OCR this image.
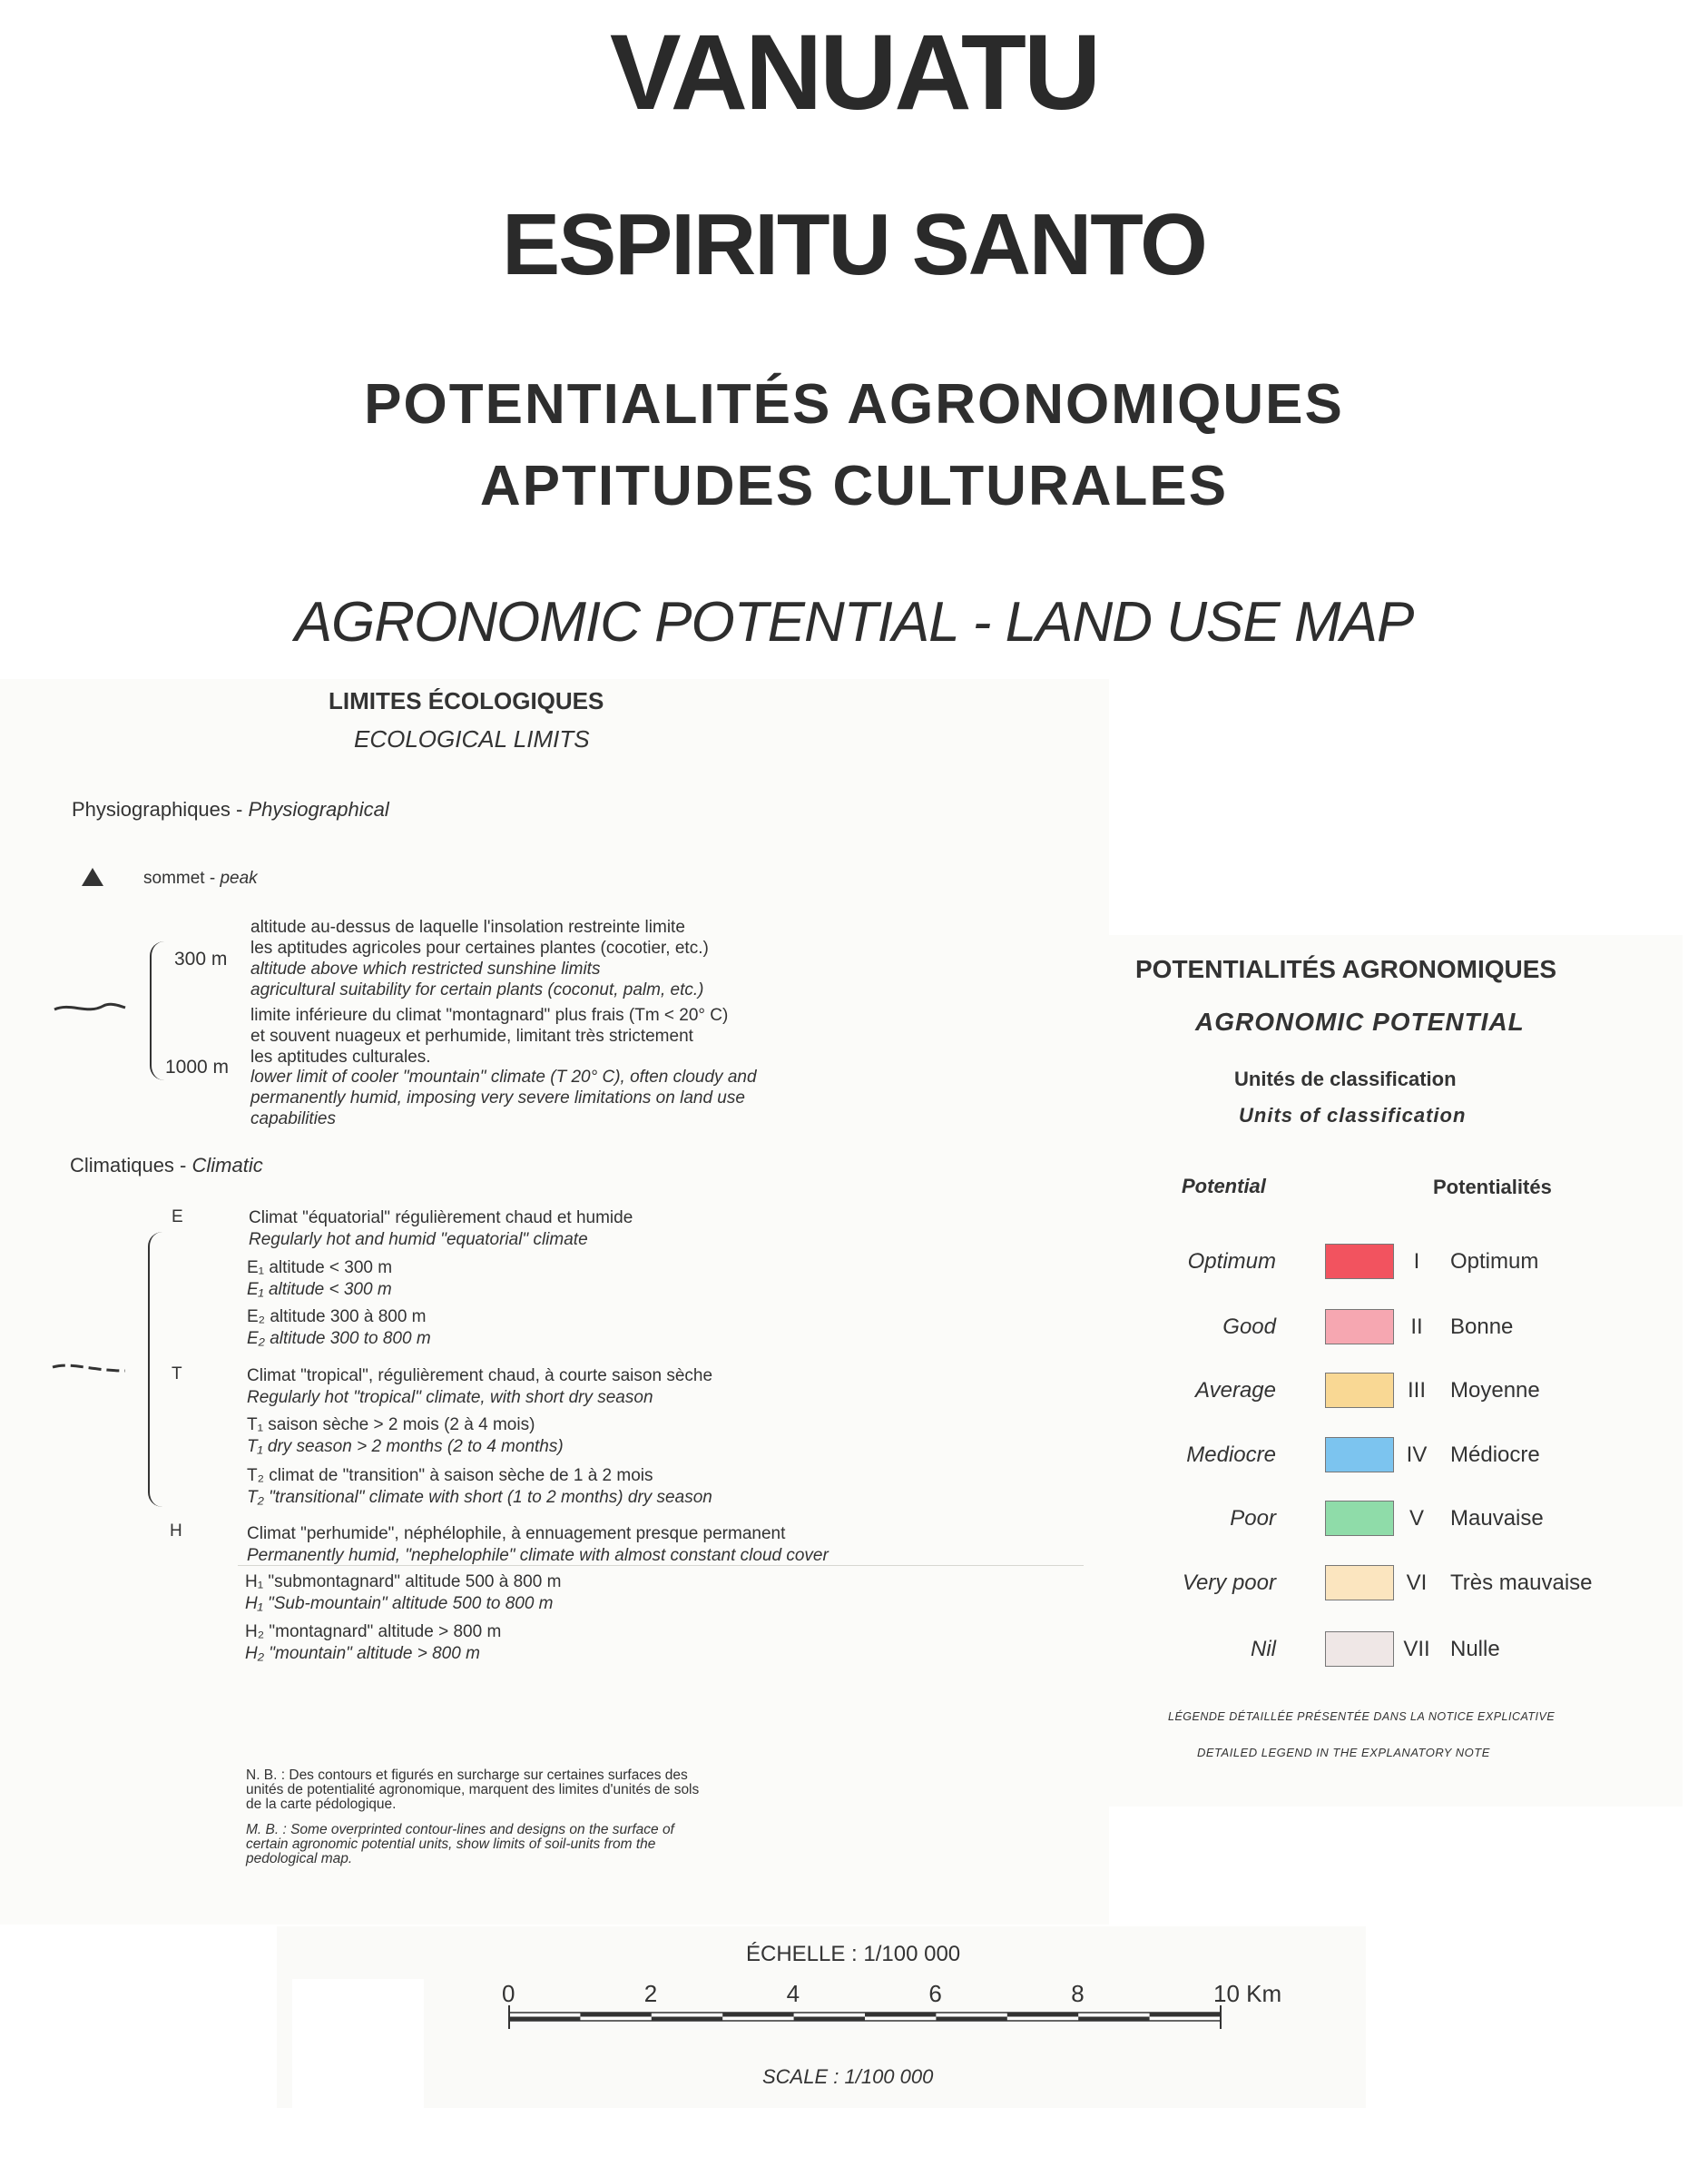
VANUATU
ESPIRITU SANTO
POTENTIALITÉS AGRONOMIQUES
APTITUDES CULTURALES
AGRONOMIC POTENTIAL - LAND USE MAP
LIMITES ÉCOLOGIQUES
ECOLOGICAL LIMITS
Physiographiques - Physiographical
sommet - peak
300 m
1000 m
altitude au-dessus de laquelle l'insolation restreinte limite
les aptitudes agricoles pour certaines plantes (cocotier, etc.)
altitude above which restricted sunshine limits
agricultural suitability for certain plants (coconut, palm, etc.)
limite inférieure du climat "montagnard" plus frais (Tm < 20° C)
et souvent nuageux et perhumide, limitant très strictement
les aptitudes culturales.
lower limit of cooler "mountain" climate (T 20° C), often cloudy and
permanently humid, imposing very severe limitations on land use
capabilities
Climatiques - Climatic
E
T
H
Climat "équatorial" régulièrement chaud et humide
Regularly hot and humid "equatorial" climate
E₁ altitude < 300 m
E₁ altitude < 300 m
E₂ altitude 300 à 800 m
E₂ altitude 300 to 800 m
Climat "tropical", régulièrement chaud, à courte saison sèche
Regularly hot "tropical" climate, with short dry season
T₁ saison sèche > 2 mois (2 à 4 mois)
T₁ dry season > 2 months (2 to 4 months)
T₂ climat de "transition" à saison sèche de 1 à 2 mois
T₂ "transitional" climate with short (1 to 2 months) dry season
Climat "perhumide", néphélophile, à ennuagement presque permanent
Permanently humid, "nephelophile" climate with almost constant cloud cover
H₁ "submontagnard" altitude 500 à 800 m
H₁ "Sub-mountain" altitude 500 to 800 m
H₂ "montagnard" altitude > 800 m
H₂ "mountain" altitude > 800 m
N. B. : Des contours et figurés en surcharge sur certaines surfaces des
unités de potentialité agronomique, marquent des limites d'unités de sols
de la carte pédologique.
M. B. : Some overprinted contour-lines and designs on the surface of
certain agronomic potential units, show limits of soil-units from the
pedological map.
POTENTIALITÉS AGRONOMIQUES
AGRONOMIC POTENTIAL
Unités de classification
Units of classification
Potential	Potentialités
Optimum	I	Optimum
Good	II	Bonne
Average	III	Moyenne
Mediocre	IV	Médiocre
Poor	V	Mauvaise
Very poor	VI	Très mauvaise
Nil	VII Nulle
LÉGENDE DÉTAILLÉE PRÉSENTÉE DANS LA NOTICE EXPLICATIVE
DETAILED LEGEND IN THE EXPLANATORY NOTE
ÉCHELLE : 1/100 000
0	2	4	6	8	10 Km
SCALE : 1/100 000
